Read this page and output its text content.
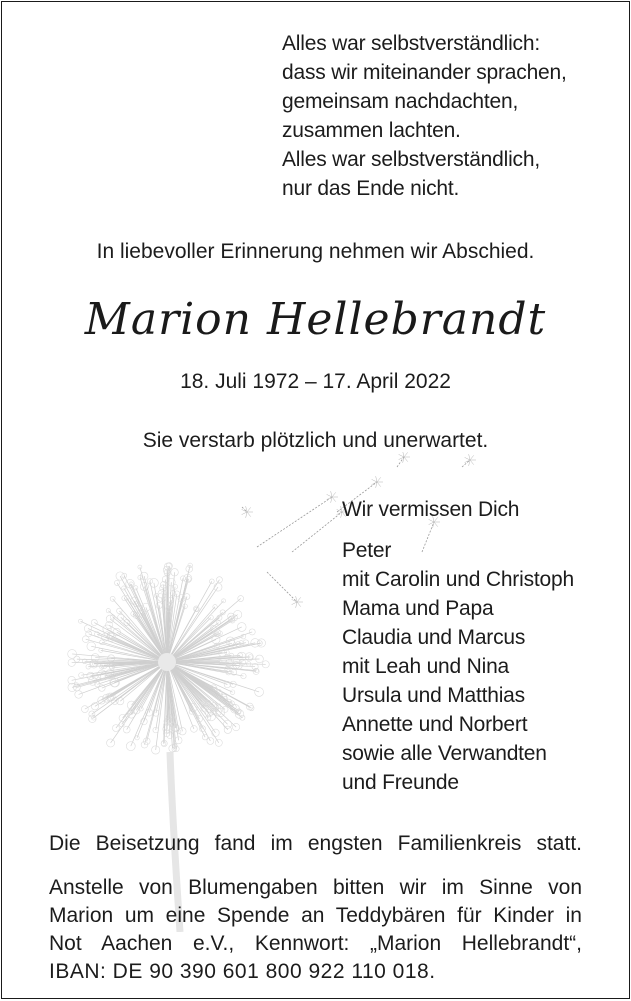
Alles war selbstverständlich:
dass wir miteinander sprachen,
gemeinsam nachdachten,
zusammen lachten.
Alles war selbstverständlich,
nur das Ende nicht.
In liebevoller Erinnerung nehmen wir Abschied.
Marion Hellebrandt
18. Juli 1972 – 17. April 2022
Sie verstarb plötzlich und unerwartet.
Wir vermissen Dich
Peter
mit Carolin und Christoph
Mama und Papa
Claudia und Marcus
mit Leah und Nina
Ursula und Matthias
Annette und Norbert
sowie alle Verwandten
und Freunde
Die Beisetzung fand im engsten Familienkreis statt.
Anstelle von Blumengaben bitten wir im Sinne von
Marion um eine Spende an Teddybären für Kinder in
Not Aachen e.V., Kennwort: „Marion Hellebrandt“,
IBAN: DE 90 390 601 800 922 110 018.
